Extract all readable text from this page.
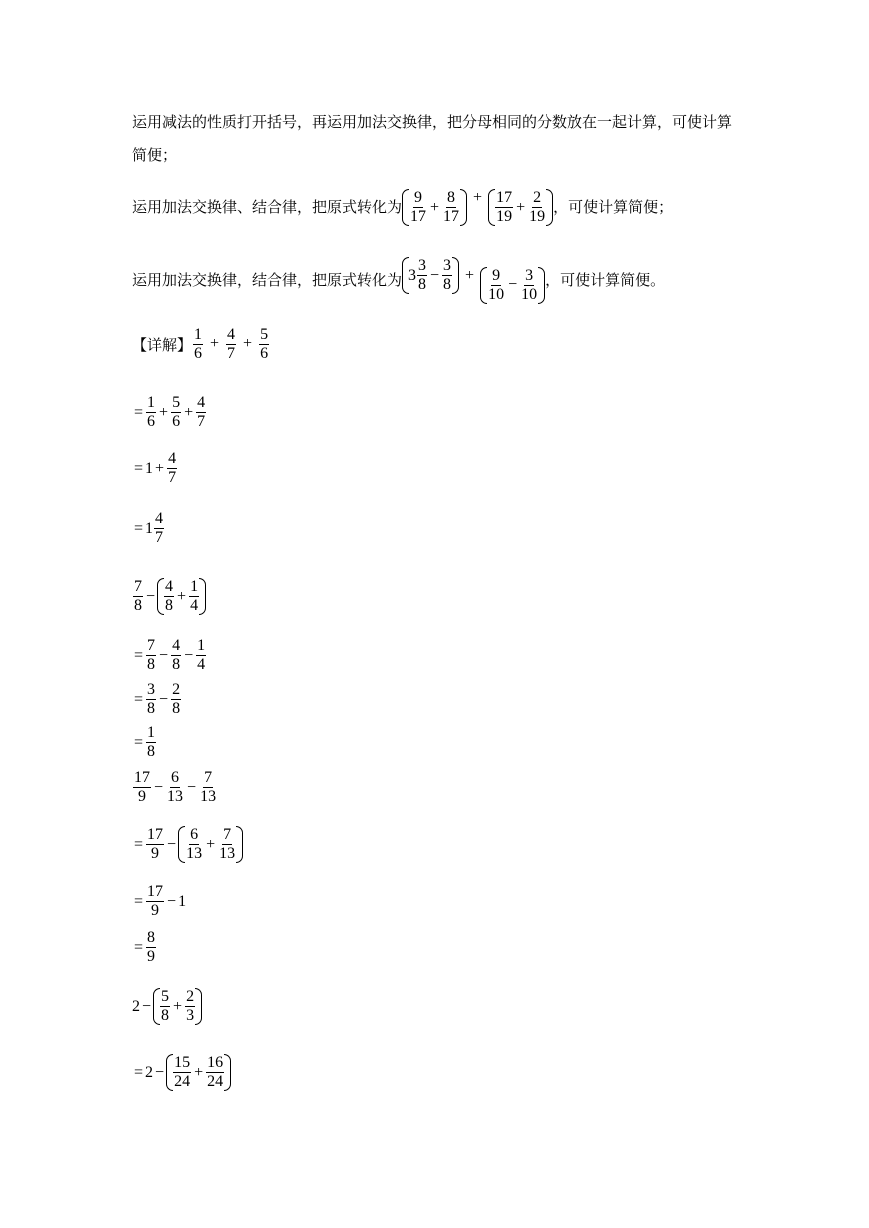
运用减法的性质打开括号，再运用加法交换律，把分母相同的分数放在一起计算，可使计算
简便；
运用加法交换律、结合律，把原式转化为 $\frac{9}{17} + \frac{8}{17} + \frac{17}{19} + \frac{2}{19}$ ，可使计算简便；
运用加法交换律，结合律，把原式转化为 $3 \frac{3}{8} - \frac{3}{8} + \frac{9}{10} - \frac{3}{10}$ ，可使计算简便。
【详解】 $\frac{1}{6} + \frac{4}{7} + \frac{5}{6}$
= $\frac{1}{6} + \frac{5}{6} + \frac{4}{7}$
= $1 + \frac{4}{7}$
= $1 \frac{4}{7}$
$\frac{7}{8} - \frac{4}{8} + \frac{1}{4}$
= $\frac{7}{8} - \frac{4}{8} - \frac{1}{4}$
= $\frac{3}{8} - \frac{2}{8}$
= $\frac{1}{8}$
$\frac{17}{9} - \frac{6}{13} - \frac{7}{13}$
= $\frac{17}{9} - \frac{6}{13} + \frac{7}{13}$
= $\frac{17}{9} - 1$
= $\frac{8}{9}$
$2 - \frac{5}{8} + \frac{2}{3}$
= $2 - \frac{15}{24} + \frac{16}{24}$
